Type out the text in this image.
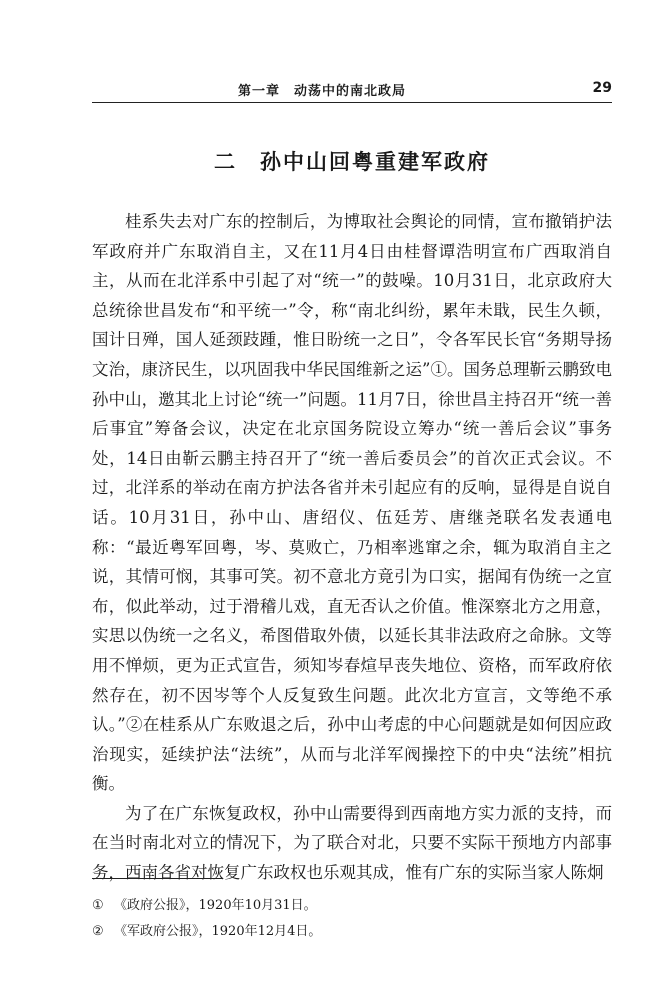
第一章　动荡中的南北政局	29
二　孙中山回粤重建军政府

桂系失去对广东的控制后，为博取社会舆论的同情，宣布撤销护法军政府并广东取消自主，又在11月4日由桂督谭浩明宣布广西取消自主，从而在北洋系中引起了对“统一”的鼓噪。10月31日，北京政府大总统徐世昌发布“和平统一”令，称“南北纠纷，累年未戢，民生久顿，国计日殚，国人延颈跂踵，惟日盼统一之日”，令各军民长官“务期导扬文治，康济民生，以巩固我中华民国维新之运”①。国务总理靳云鹏致电孙中山，邀其北上讨论“统一”问题。11月7日，徐世昌主持召开“统一善后事宜”筹备会议，决定在北京国务院设立筹办“统一善后会议”事务处，14日由靳云鹏主持召开了“统一善后委员会”的首次正式会议。不过，北洋系的举动在南方护法各省并未引起应有的反响，显得是自说自话。10月31日，孙中山、唐绍仪、伍廷芳、唐继尧联名发表通电称：“最近粤军回粤，岑、莫败亡，乃相率逃窜之余，辄为取消自主之说，其情可悯，其事可笑。初不意北方竟引为口实，据闻有伪统一之宣布，似此举动，过于滑稽儿戏，直无否认之价值。惟深察北方之用意，实思以伪统一之名义，希图借取外债，以延长其非法政府之命脉。文等用不惮烦，更为正式宣告，须知岑春煊早丧失地位、资格，而军政府依然存在，初不因岑等个人反复致生问题。此次北方宣言，文等绝不承认。”②在桂系从广东败退之后，孙中山考虑的中心问题就是如何因应政治现实，延续护法“法统”，从而与北洋军阀操控下的中央“法统”相抗衡。

为了在广东恢复政权，孙中山需要得到西南地方实力派的支持，而在当时南北对立的情况下，为了联合对北，只要不实际干预地方内部事务，西南各省对恢复广东政权也乐观其成，惟有广东的实际当家人陈炯

① 《政府公报》，1920年10月31日。
② 《军政府公报》，1920年12月4日。
